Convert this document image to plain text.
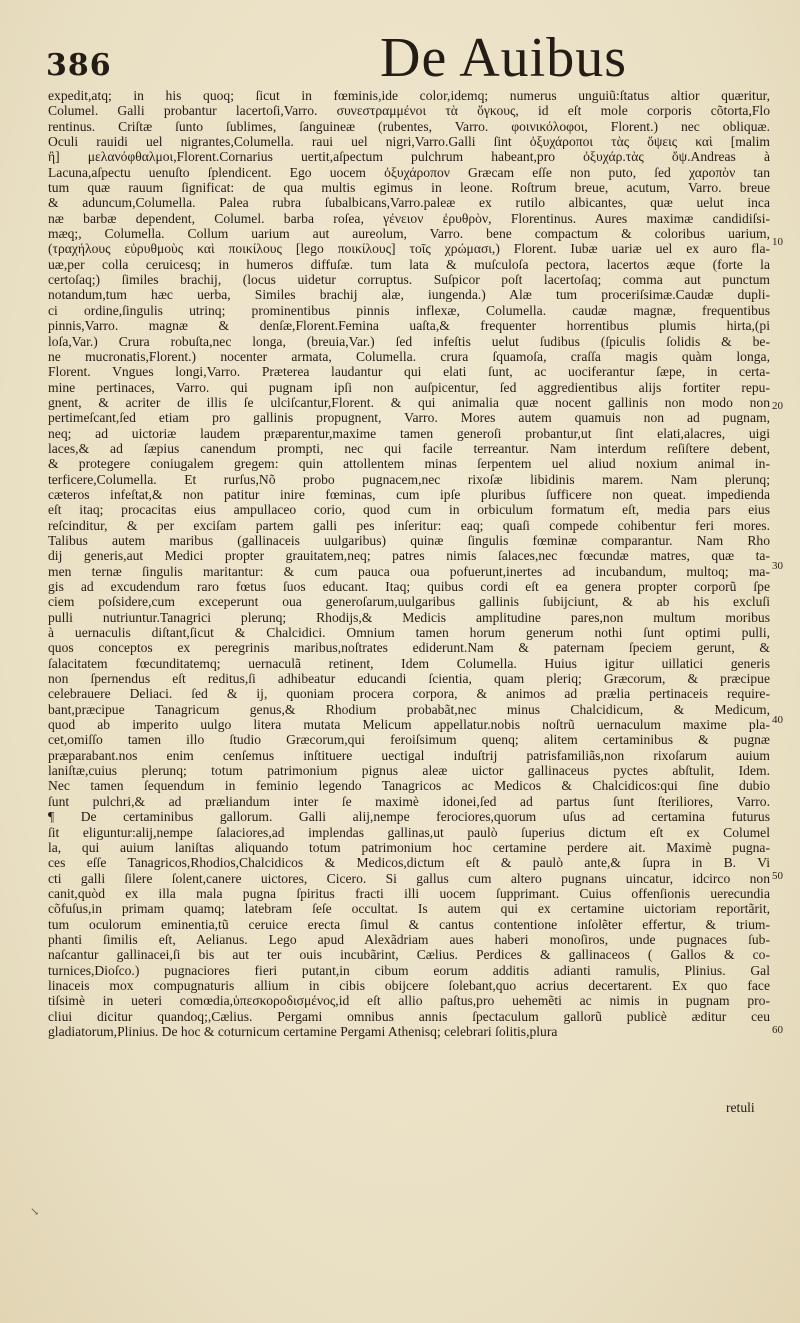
386	De Auibus
expedit,atq; in his quoq; ſicut in fœminis,ide color,idemq; numerus unguiũ:ſtatus altior quæritur,
Columel. Galli probantur lacertoſi,Varro. συνεστραμμένοι τὰ ὄγκους, id eſt mole corporis cõtorta,Flo
rentinus. Criſtæ ſunto ſublimes, ſanguineæ (rubentes, Varro. φοινικόλοφοι, Florent.) nec obliquæ.
Oculi rauidi uel nigrantes,Columella. raui uel nigri,Varro.Galli ſint ὀξυχάροποι τὰς ὄψεις καὶ [malim
ἢ] μελανόφθαλμοι,Florent.Cornarius uertit,aſpectum pulchrum habeant,pro ὀξυχάρ.τὰς ὄψ.Andreas à
Lacuna,aſpectu uenuſto ſplendicent. Ego uocem ὀξυχάροπον Græcam eſſe non puto, ſed χαροπὸν tan
tum quæ rauum ſignificat: de qua multis egimus in leone. Roſtrum breue, acutum, Varro. breue
& aduncum,Columella. Palea rubra ſubalbicans,Varro.paleæ ex rutilo albicantes, quæ uelut inca
næ barbæ dependent, Columel. barba roſea, γένειον ἐρυθρὸν, Florentinus. Aures maximæ candidiſsi-
mæq;, Columella. Collum uarium aut aureolum, Varro. bene compactum & coloribus uarium,
(τραχήλους εὐρυθμοὺς καὶ ποικίλους [lego ποικίλους] τοῖς χρώμασι,) Florent. Iubæ uariæ uel ex auro fla-
uæ,per colla ceruicesq; in humeros diffuſæ. tum lata & muſculoſa pectora, lacertos æque (forte la
certoſaq;) ſimiles brachij, (locus uidetur corruptus. Suſpicor poſt lacertoſaq; comma aut punctum
notandum,tum hæc uerba, Similes brachij alæ, iungenda.) Alæ tum proceriſsimæ.Caudæ dupli-
ci ordine,ſingulis utrinq; prominentibus pinnis inflexæ, Columella. caudæ magnæ, frequentibus
pinnis,Varro. magnæ & denſæ,Florent.Femina uaſta,& frequenter horrentibus plumis hirta,(pi
loſa,Var.) Crura robuſta,nec longa, (breuia,Var.) ſed infeſtis uelut ſudibus (ſpiculis ſolidis & be-
ne mucronatis,Florent.) nocenter armata, Columella. crura ſquamoſa, craſſa magis quàm longa,
Florent. Vngues longi,Varro. Præterea laudantur qui elati ſunt, ac uociferantur ſæpe, in certa-
mine pertinaces, Varro. qui pugnam ipſi non auſpicentur, ſed aggredientibus alijs fortiter repu-
gnent, & acriter de illis ſe ulciſcantur,Florent. & qui animalia quæ nocent gallinis non modo non
pertimeſcant,ſed etiam pro gallinis propugnent, Varro. Mores autem quamuis non ad pugnam,
neq; ad uictoriæ laudem præparentur,maxime tamen generoſi probantur,ut ſint elati,alacres, uigi
laces,& ad ſæpius canendum prompti, nec qui facile terreantur. Nam interdum reſiſtere debent,
& protegere coniugalem gregem: quin attollentem minas ſerpentem uel aliud noxium animal in-
terficere,Columella. Et rurſus,Nõ probo pugnacem,nec rixoſæ libidinis marem. Nam plerunq;
cæteros infeſtat,& non patitur inire fœminas, cum ipſe pluribus ſufficere non queat. impedienda
eſt itaq; procacitas eius ampullaceo corio, quod cum in orbiculum formatum eſt, media pars eius
reſcinditur, & per exciſam partem galli pes inſeritur: eaq; quaſi compede cohibentur feri mores.
Talibus autem maribus (gallinaceis uulgaribus) quinæ ſingulis fœminæ comparantur. Nam Rho
dij generis,aut Medici propter grauitatem,neq; patres nimis ſalaces,nec fœcundæ matres, quæ ta-
men ternæ ſingulis maritantur: & cum pauca oua pofuerunt,inertes ad incubandum, multoq; ma-
gis ad excudendum raro fœtus ſuos educant. Itaq; quibus cordi eſt ea genera propter corporũ ſpe
ciem poſsidere,cum exceperunt oua generoſarum,uulgaribus gallinis ſubijciunt, & ab his excluſi
pulli nutriuntur.Tanagrici plerunq; Rhodijs,& Medicis amplitudine pares,non multum moribus
à uernaculis diſtant,ſicut & Chalcidici. Omnium tamen horum generum nothi ſunt optimi pulli,
quos conceptos ex peregrinis maribus,noſtrates ediderunt.Nam & paternam ſpeciem gerunt, &
ſalacitatem fœcunditatemq; uernaculã retinent, Idem Columella. Huius igitur uillatici generis
non ſpernendus eſt reditus,ſi adhibeatur educandi ſcientia, quam pleriq; Græcorum, & præcipue
celebrauere Deliaci. ſed & ij, quoniam procera corpora, & animos ad prælia pertinaceis require-
bant,præcipue Tanagricum genus,& Rhodium probabãt,nec minus Chalcidicum, & Medicum,
quod ab imperito uulgo litera mutata Melicum appellatur.nobis noſtrũ uernaculum maxime pla-
cet,omiſſo tamen illo ſtudio Græcorum,qui feroiſsimum quenq; alitem certaminibus & pugnæ
præparabant.nos enim cenſemus inſtituere uectigal induſtrij patrisfamiliãs,non rixoſarum auium
laniſtæ,cuius plerunq; totum patrimonium pignus aleæ uictor gallinaceus pyctes abſtulit, Idem.
Nec tamen ſequendum in feminio legendo Tanagricos ac Medicos & Chalcidicos:qui ſine dubio
ſunt pulchri,& ad præliandum inter ſe maximè idonei,ſed ad partus ſunt ſteriliores, Varro.
¶ De certaminibus gallorum. Galli alij,nempe ferociores,quorum uſus ad certamina futurus
ſit eliguntur:alij,nempe ſalaciores,ad implendas gallinas,ut paulò ſuperius dictum eſt ex Columel
la, qui auium laniſtas aliquando totum patrimonium hoc certamine perdere ait. Maximè pugna-
ces eſſe Tanagricos,Rhodios,Chalcidicos & Medicos,dictum eſt & paulò ante,& ſupra in B. Vi
cti galli ſilere ſolent,canere uictores, Cicero. Si gallus cum altero pugnans uincatur, idcirco non
canit,quòd ex illa mala pugna ſpiritus fracti illi uocem ſupprimant. Cuius offenſionis uerecundia
cõfuſus,in primam quamq; latebram ſeſe occultat. Is autem qui ex certamine uictoriam reportãrit,
tum oculorum eminentia,tũ ceruice erecta ſimul & cantus contentione inſolẽter effertur, & trium-
phanti ſimilis eſt, Aelianus. Lego apud Alexãdriam aues haberi monoſiros, unde pugnaces ſub-
naſcantur gallinacei,ſi bis aut ter ouis incubãrint, Cælius. Perdices & gallinaceos ( Gallos & co-
turnices,Dioſco.) pugnaciores fieri putant,in cibum eorum additis adianti ramulis, Plinius. Gal
linaceis mox compugnaturis allium in cibis obijcere ſolebant,quo acrius decertarent. Ex quo face
tiſsimè in ueteri comœdia,ὑπεσκοροδισμένος,id eſt allio paſtus,pro uehemẽti ac nimis in pugnam pro-
cliui dicitur quandoq;,Cælius. Pergami omnibus annis ſpectaculum gallorũ publicè æditur ceu
gladiatorum,Plinius. De hoc & coturnicum certamine Pergami Athenisq; celebrari ſolitis,plura
10
20
30
40
50
60
retuli
↘
